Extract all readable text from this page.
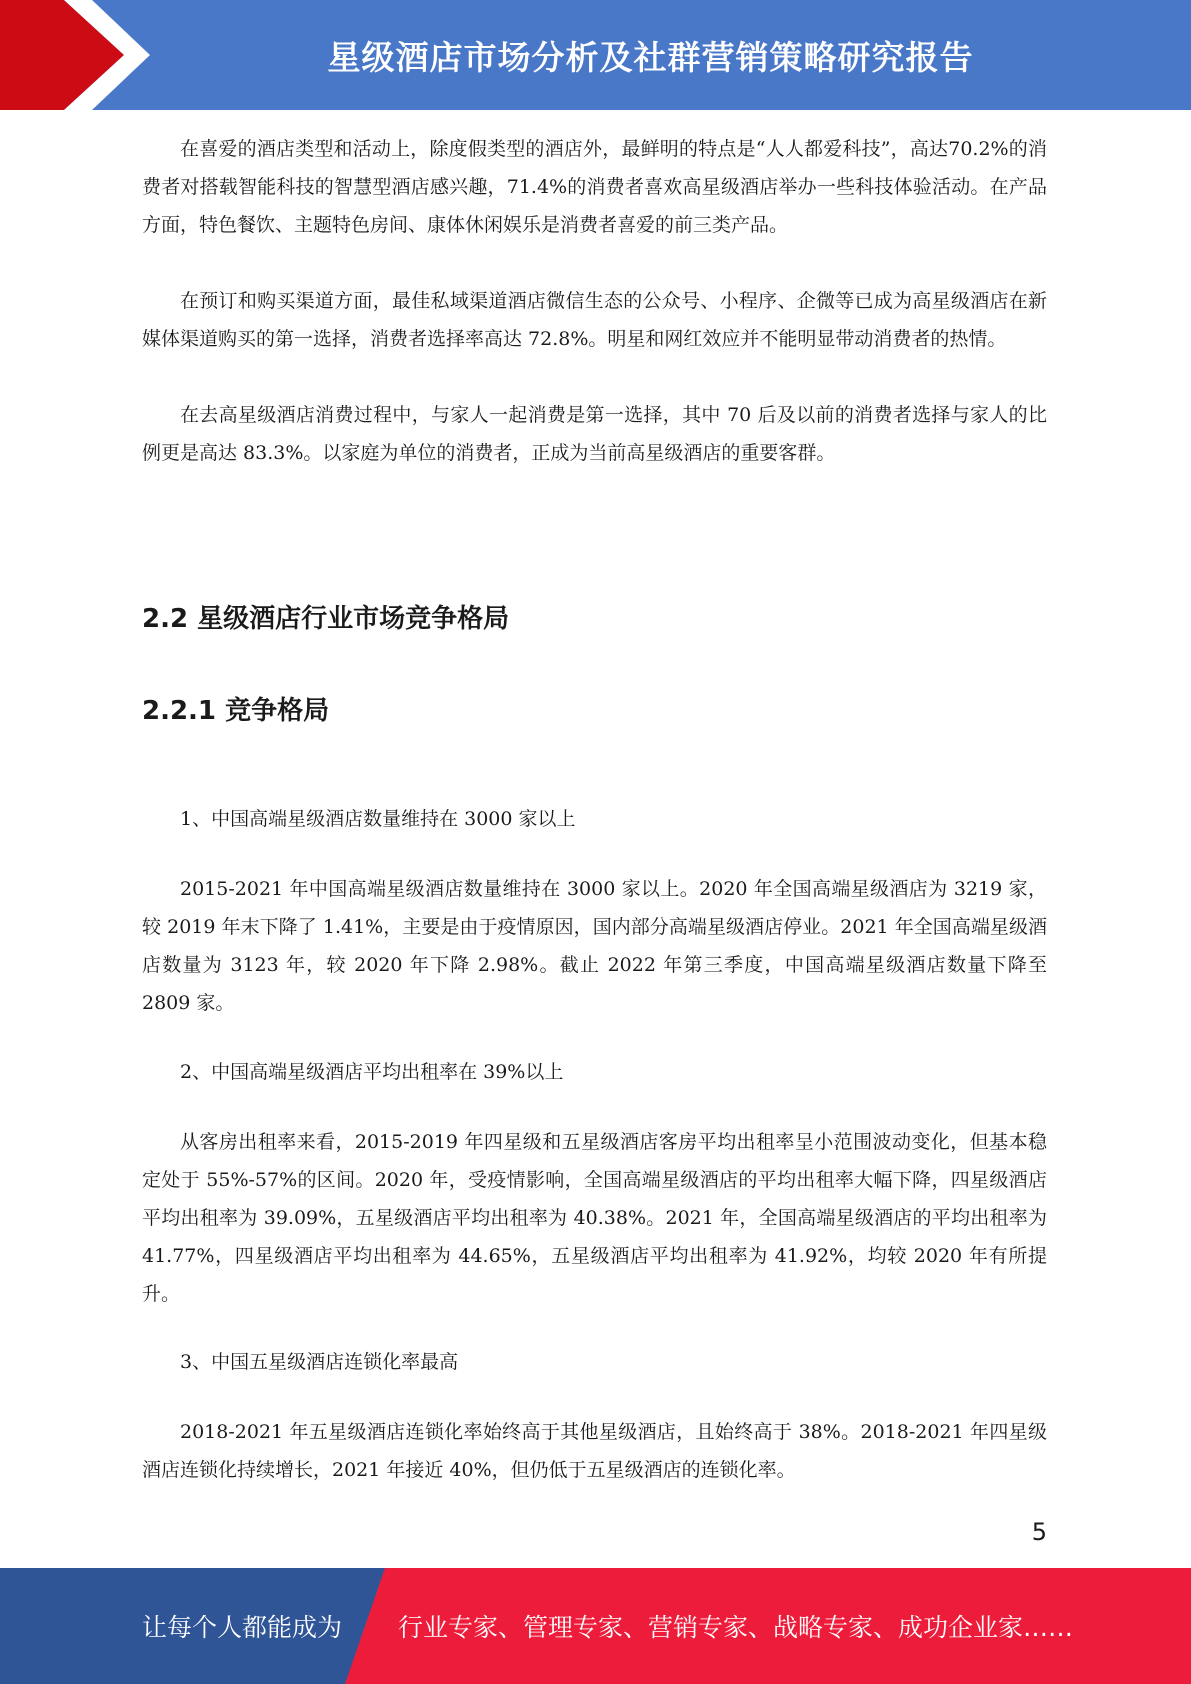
星级酒店市场分析及社群营销策略研究报告

在喜爱的酒店类型和活动上，除度假类型的酒店外，最鲜明的特点是“人人都爱科技”，高达70.2%的消费者对搭载智能科技的智慧型酒店感兴趣，71.4%的消费者喜欢高星级酒店举办一些科技体验活动。在产品方面，特色餐饮、主题特色房间、康体休闲娱乐是消费者喜爱的前三类产品。

在预订和购买渠道方面，最佳私域渠道酒店微信生态的公众号、小程序、企微等已成为高星级酒店在新媒体渠道购买的第一选择，消费者选择率高达 72.8%。明星和网红效应并不能明显带动消费者的热情。

在去高星级酒店消费过程中，与家人一起消费是第一选择，其中 70 后及以前的消费者选择与家人的比例更是高达 83.3%。以家庭为单位的消费者，正成为当前高星级酒店的重要客群。

2.2 星级酒店行业市场竞争格局
2.2.1 竞争格局

1、中国高端星级酒店数量维持在 3000 家以上

2015-2021 年中国高端星级酒店数量维持在 3000 家以上。2020 年全国高端星级酒店为 3219 家，较 2019 年末下降了 1.41%，主要是由于疫情原因，国内部分高端星级酒店停业。2021 年全国高端星级酒店数量为 3123 年，较 2020 年下降 2.98%。截止 2022 年第三季度，中国高端星级酒店数量下降至 2809 家。

2、中国高端星级酒店平均出租率在 39%以上

从客房出租率来看，2015-2019 年四星级和五星级酒店客房平均出租率呈小范围波动变化，但基本稳定处于 55%-57%的区间。2020 年，受疫情影响，全国高端星级酒店的平均出租率大幅下降，四星级酒店平均出租率为 39.09%，五星级酒店平均出租率为 40.38%。2021 年，全国高端星级酒店的平均出租率为 41.77%，四星级酒店平均出租率为 44.65%，五星级酒店平均出租率为 41.92%，均较 2020 年有所提升。

3、中国五星级酒店连锁化率最高

2018-2021 年五星级酒店连锁化率始终高于其他星级酒店，且始终高于 38%。2018-2021 年四星级酒店连锁化持续增长，2021 年接近 40%，但仍低于五星级酒店的连锁化率。

5
让每个人都能成为 行业专家、管理专家、营销专家、战略专家、成功企业家……
